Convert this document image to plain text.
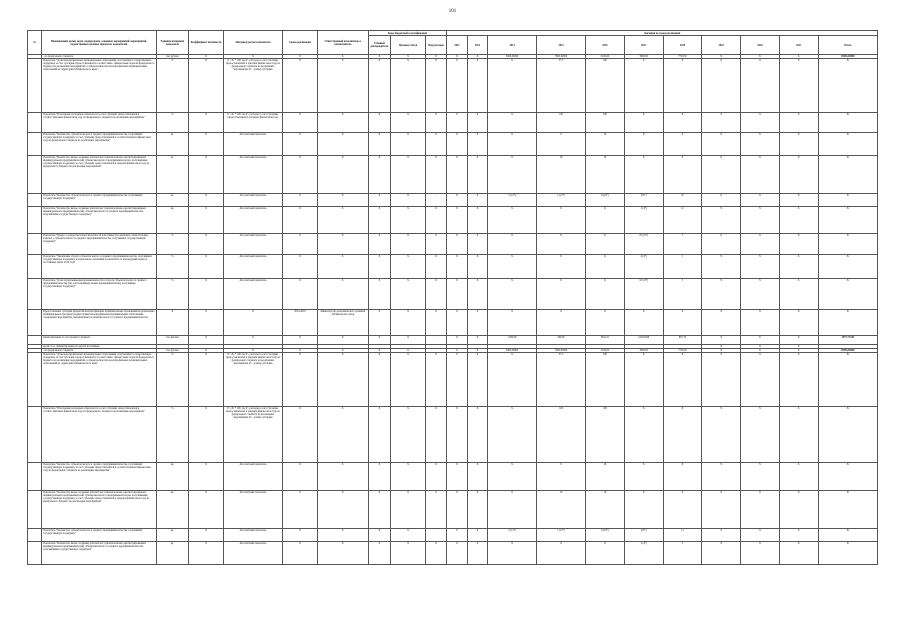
101
№	Наименование целей, задач, подпрограмм, основных мероприятий, мероприятий, ведомственных целевых программ, показателей	Единица измерения показателя	Коэффициент значимости	Методика расчета показателя	Сроки реализации	Ответственный исполнитель и соисполнитель	Коды бюджетной классификации			Значения по годам реализации										
							Главный распорядитель	Целевая статья	Вид расходов	2012	2013	2014	2015	2016	2017	2018	2019	2020	2021	Итого
	- из федерального бюджета	тыс.рублей	X	X	X	X	X	X	X	X	X	3600,00000	7800,00000	2100,00	3000,00	7720,50	X	X	X	29036,00000
	Показатель "Доля монопрофильных муниципальных образований, получающих государственную поддержку за счет субсидии, предоставленной в соответствии с финансовым годом из федерального бюджета на реализацию мероприятий, в общем количестве монопрофильных муниципальных образований на территории Забайкальского края"	%	X	P = Pc * 100, где P - расходы за счет субсидии, предоставленной в текущем финансовом году из федерального бюджета на реализацию мероприятия, Pc - размер субсидии	X	X	X	X	X	X	X	X	37,5	100	X	X	X	X	X	X
	Показатель "Исполнение расходных обязательств за счет субсидии, предоставленной в соответствующем финансовом году из федерального бюджета на реализацию мероприятия"	%	X	P = Pc * 100, где P - расходы за счет субсидии, предоставленной в текущем финансовом году	X	X	X	X	X	X	X	X	100	100	X	X	X	X	X	X
	Показатель "Количество субъектов малого и среднего предпринимательства, получивших государственную поддержку за счет субсидии, предоставленной в соответствующем финансовом году из федерального бюджета на реализацию мероприятия"	ед.	X	Абсолютный показатель	X	X	X	X	X	X	X	X	8	16	X	X	X	X	X	X
	Показатель "Количество вновь созданных рабочих мест (включая вновь зарегистрированных индивидуальных предпринимателей) субъектами малого предпринимательства, получившими государственную поддержку за счет субсидии, предоставленной в текущем финансовом году из федерального бюджета на реализацию мероприятия"	ед.	X	Абсолютный показатель	X	X	X	X	X	X	X	X	16	16	X	X	X	X	X	X
	Показатель "Количество субъектов малого и среднего предпринимательства, получивших государственную поддержку"	ед.	X	Абсолютный показатель	X	X	X	X	-	X	X	5 (12*)	1 (12*)	8 (10*)	2(3*)	10	X	X	X	X
	Показатель "Количество вновь созданных рабочих мест (включая вновь зарегистрированных индивидуальных предпринимателей) субъектами малого и среднего предпринимательства, получившими государственную поддержку"	ед.	X	Абсолютный показатель	X	X	X	X	X	X	X	X	X	X	1 (4*)	12	X	X	X	X
	Показатель "Прирост среднесписочной численности работников (без внешних совместителей), занятых у субъектов малого и среднего предпринимательства, получивших государственную поддержку"	%	X	Абсолютный показатель	X	X	X	X	X	X	X	X	X	X	25 (25*)	1	X	X	X	X
	Показатель "Увеличение оборота субъектов малого и среднего предпринимательства, получивших государственную поддержку, в процентном отношении к показателю за предыдущий период в постоянных ценах 2014 года"	%	X	Абсолютный показатель	X	X	X	X	X	X	X	X	X	X	4 (4*)	1	X	X	X	X
	Показатель "Доля обрабатывающей промышленности в обороте субъектов малого и среднего предпринимательства (без учета индивидуальных предпринимателей), получивших государственную поддержку"	%	X	Абсолютный показатель	X	X	X	X	X	X	X	X	X	X	10 (10*)	5	X	X	X	X
	Предоставление субсидий бюджетам монопрофильных муниципальных образований на реализацию муниципальных программ (подпрограмм) монопрофильных муниципальных образований, содержащих мероприятия, направленные на развитие малого и среднего предпринимательства	X	X	X	2014-2018	Министерство экономического развития Забайкальского края	X	X	X	X	X	X	X	X	X	X	X	X	X	X
	финансирование за счет краевого бюджета	тыс.рублей	X	X	X	X	X	X	-	X	X	1 900,00	200,00	584,211	225,92846	867,70	X	X	X	3877,71746
	кроме того, финансирование из других источников																X	X	X	
	- из федерального бюджета	тыс.рублей	X	X	X	X	X	X	-	X	X	3600,00000	7800,00000	2100,00	3000,00	7720,50	X	X	X	29036,00000
	Показатель "Доля монопрофильных муниципальных образований, получающих государственную поддержку за счет субсидии, предоставленной в соответствии с финансовым годом из федерального бюджета на реализацию мероприятий, в общем количестве монопрофильных муниципальных образований на территории Забайкальского края"	%	X	P = Pc * 100, где P - расходы за счет субсидии, предоставленной в текущем финансовом году из федерального бюджета на реализацию мероприятия, Pc - размер субсидии	X	X	X	X	X	X	X	X	37,5	100	X	X	X	X	X	X
	Показатель "Исполнение расходных обязательств за счет субсидии, предоставленной в соответствующем финансовом году из федерального бюджета на реализацию мероприятия"	%	X	P = Pc * 100, где P - расходы за счет субсидии, предоставленной в текущем финансовом году из федерального бюджета на реализацию мероприятия, Pc - размер субсидии	X	X	X	X	X	X	X	X	100	100	X	X	X	X	X	X
	Показатель "Количество субъектов малого и среднего предпринимательства, получивших государственную поддержку за счет субсидии, предоставленной в соответствующем финансовом году из федерального бюджета на реализацию мероприятия"	ед.	X	Абсолютный показатель	X	X	X	X	X	X	X	X	8	16	X	X	X	X	X	X
	Показатель "Количество вновь созданных рабочих мест (включая вновь зарегистрированных индивидуальных предпринимателей) субъектами малого предпринимательства, получившими государственную поддержку за счет субсидии, предоставленной в текущем финансовом году из федерального бюджета на реализацию мероприятия"	ед.	X	Абсолютный показатель	X	X	X	X	X	X	X	X	16	16	X	X	X	X	X	X
	Показатель "Количество субъектов малого и среднего предпринимательства, получивших государственную поддержку"	ед.	X	Абсолютный показатель	X	X	X	X	-	X	X	5 (12*)	1 (12*)	8 (10*)	2(3*)	11	X	X	X	X
	Показатель "Количество вновь созданных рабочих мест (включая вновь зарегистрированных индивидуальных предпринимателей) субъектами малого и среднего предпринимательства, получившими государственную поддержку"	ед.	X	Абсолютный показатель	X	X	X	X	X	X	X	X	X	X	1 (4*)	5	X	X	X	X
